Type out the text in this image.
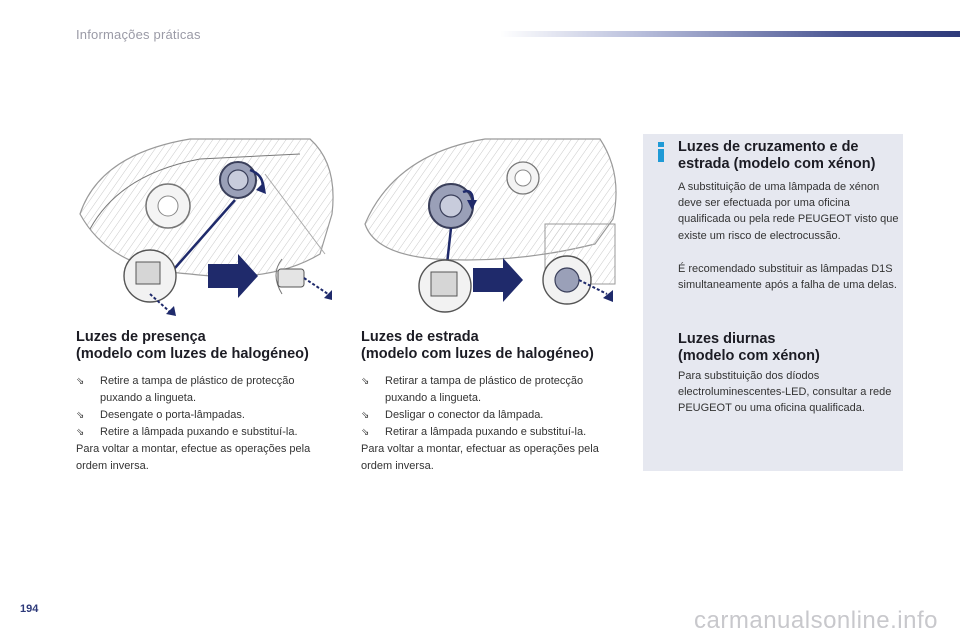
Informações práticas
Luzes de presença
(modelo com luzes de halogéneo)
⇘	Retire a tampa de plástico de protecção puxando a lingueta.
⇘	Desengate o porta-lâmpadas.
⇘	Retire a lâmpada puxando e substituí-la.

Para voltar a montar, efectue as operações pela ordem inversa.

Luzes de estrada
(modelo com luzes de halogéneo)
⇘	Retirar a tampa de plástico de protecção puxando a lingueta.
⇘	Desligar o conector da lâmpada.
⇘	Retirar a lâmpada puxando e substituí-la.

Para voltar a montar, efectuar as operações pela ordem inversa.

Luzes de cruzamento e de
estrada (modelo com xénon)

A substituição de uma lâmpada de xénon deve ser efectuada por uma oficina qualificada ou pela rede PEUGEOT visto que existe um risco de electrocussão.

É recomendado substituir as lâmpadas D1S simultaneamente após a falha de uma delas.

Luzes diurnas
(modelo com xénon)

Para substituição dos díodos electroluminescentes-LED, consultar a rede PEUGEOT ou uma oficina qualificada.

194	carmanualsonline.info
